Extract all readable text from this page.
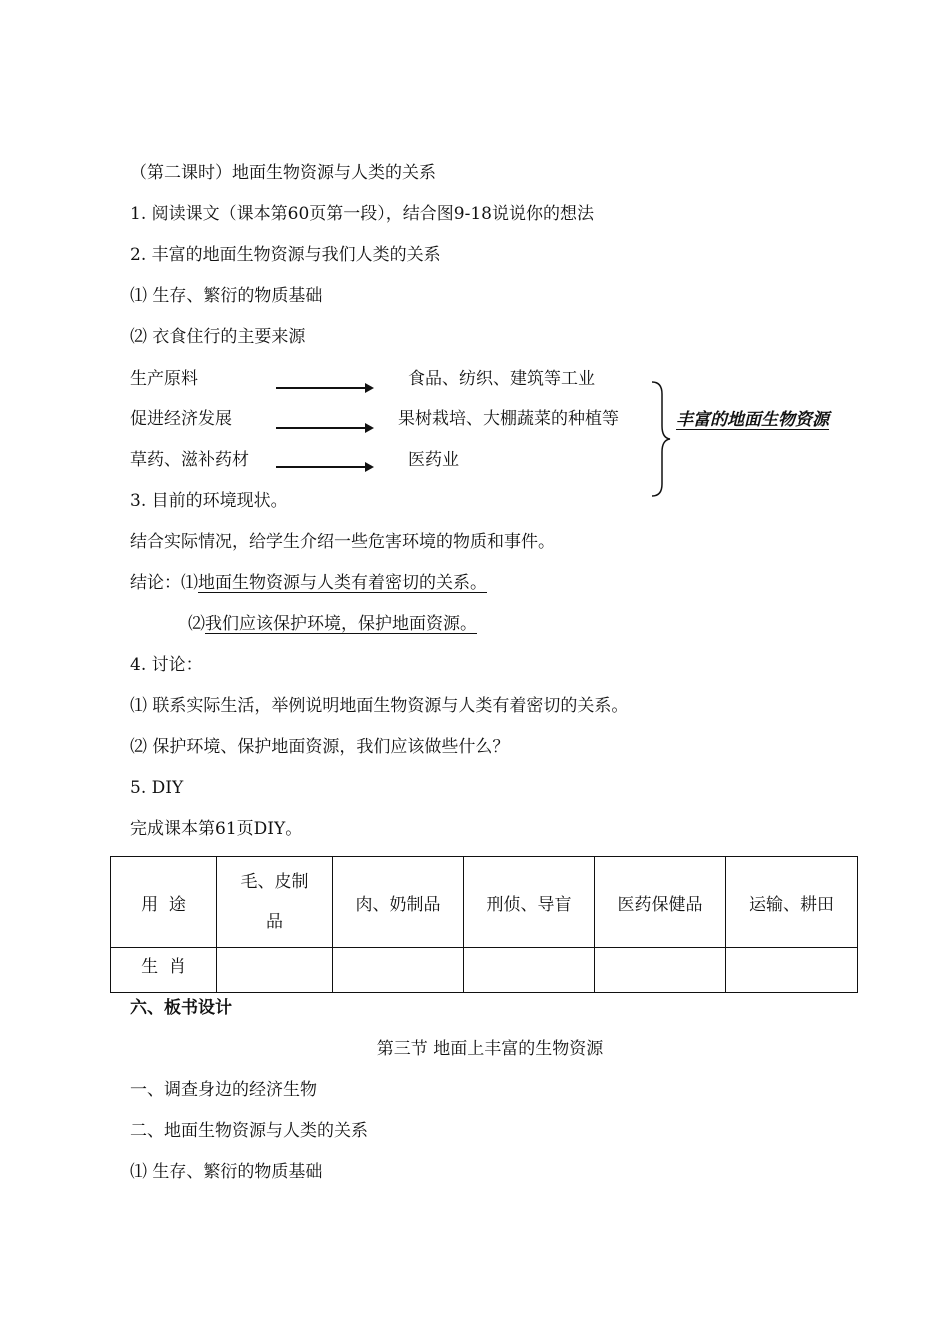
（第二课时）地面生物资源与人类的关系
1. 阅读课文（课本第60页第一段），结合图9-18说说你的想法
2. 丰富的地面生物资源与我们人类的关系
⑴ 生存、繁衍的物质基础
⑵ 衣食住行的主要来源
生产原料	食品、纺织、建筑等工业
促进经济发展	果树栽培、大棚蔬菜的种植等
草药、滋补药材	医药业
丰富的地面生物资源
3. 目前的环境现状。
结合实际情况，给学生介绍一些危害环境的物质和事件。
结论：⑴地面生物资源与人类有着密切的关系。
⑵我们应该保护环境，保护地面资源。
4. 讨论：
⑴ 联系实际生活，举例说明地面生物资源与人类有着密切的关系。
⑵ 保护环境、保护地面资源，我们应该做些什么？
5. DIY
完成课本第61页DIY。
用  途	毛、皮制品	肉、奶制品	刑侦、导盲	医药保健品	运输、耕田
生  肖					
六、板书设计
第三节 地面上丰富的生物资源
一、调查身边的经济生物
二、地面生物资源与人类的关系
⑴ 生存、繁衍的物质基础
